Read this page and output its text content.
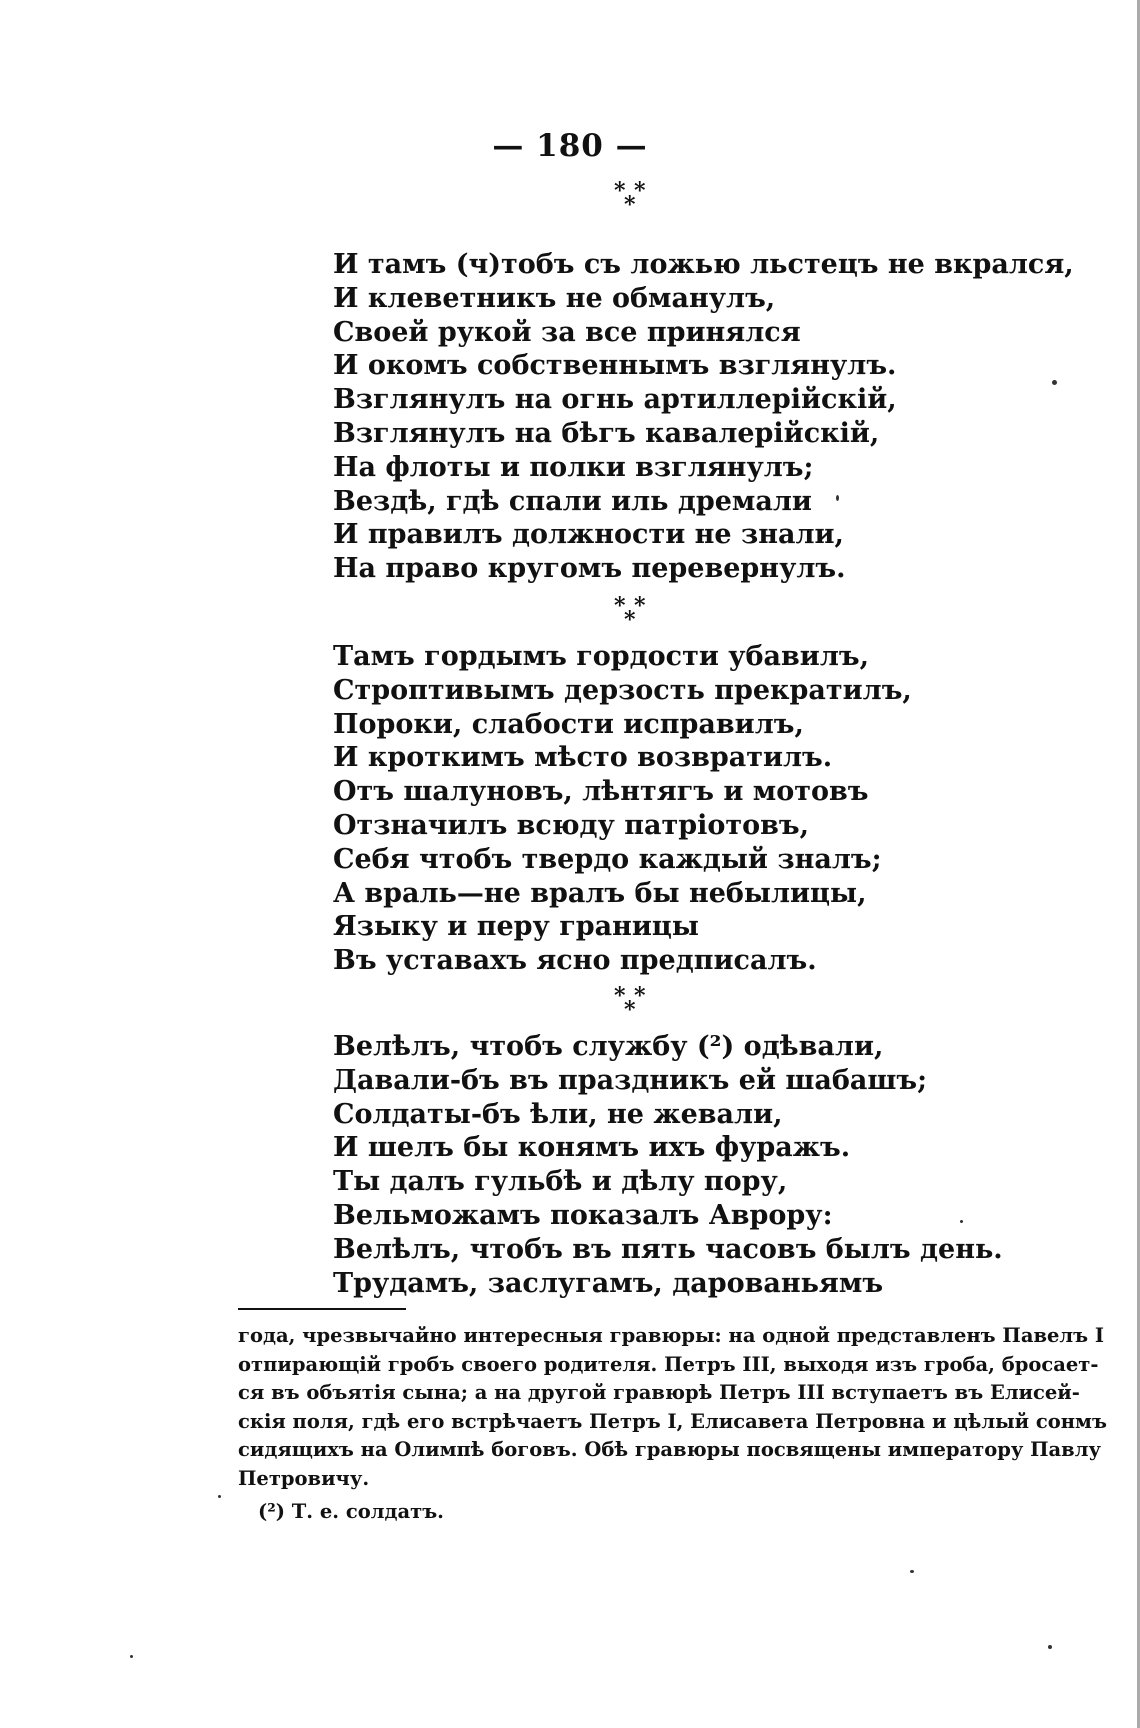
— 180 —
* *
*
И тамъ (ч)тобъ съ ложью льстецъ не вкрался,
И клеветникъ не обманулъ,
Своей рукой за все принялся
И окомъ собственнымъ взглянулъ.
Взглянулъ на огнь артиллерійскій,
Взглянулъ на бѣгъ кавалерійскій,
На флоты и полки взглянулъ;
Вездѣ, гдѣ спали иль дремали
И правилъ должности не знали,
На право кругомъ перевернулъ.
* *
*
Тамъ гордымъ гордости убавилъ,
Строптивымъ дерзость прекратилъ,
Пороки, слабости исправилъ,
И кроткимъ мѣсто возвратилъ.
Отъ шалуновъ, лѣнтягъ и мотовъ
Отзначилъ всюду патріотовъ,
Себя чтобъ твердо каждый зналъ;
А враль—не вралъ бы небылицы,
Языку и перу границы
Въ уставахъ ясно предписалъ.
* *
*
Велѣлъ, чтобъ службу (²) одѣвали,
Давали-бъ въ праздникъ ей шабашъ;
Солдаты-бъ ѣли, не жевали,
И шелъ бы конямъ ихъ фуражъ.
Ты далъ гульбѣ и дѣлу пору,
Вельможамъ показалъ Аврору:
Велѣлъ, чтобъ въ пять часовъ былъ день.
Трудамъ, заслугамъ, дарованьямъ
года, чрезвычайно интересныя гравюры: на одной представленъ Павелъ I
отпирающій гробъ своего родителя. Петръ III, выходя изъ гроба, бросает-
ся въ объятія сына; а на другой гравюрѣ Петръ III вступаетъ въ Елисей-
скія поля, гдѣ его встрѣчаетъ Петръ I, Елисавета Петровна и цѣлый сонмъ
сидящихъ на Олимпѣ боговъ. Обѣ гравюры посвящены императору Павлу
Петровичу.
(²) Т. е. солдатъ.
